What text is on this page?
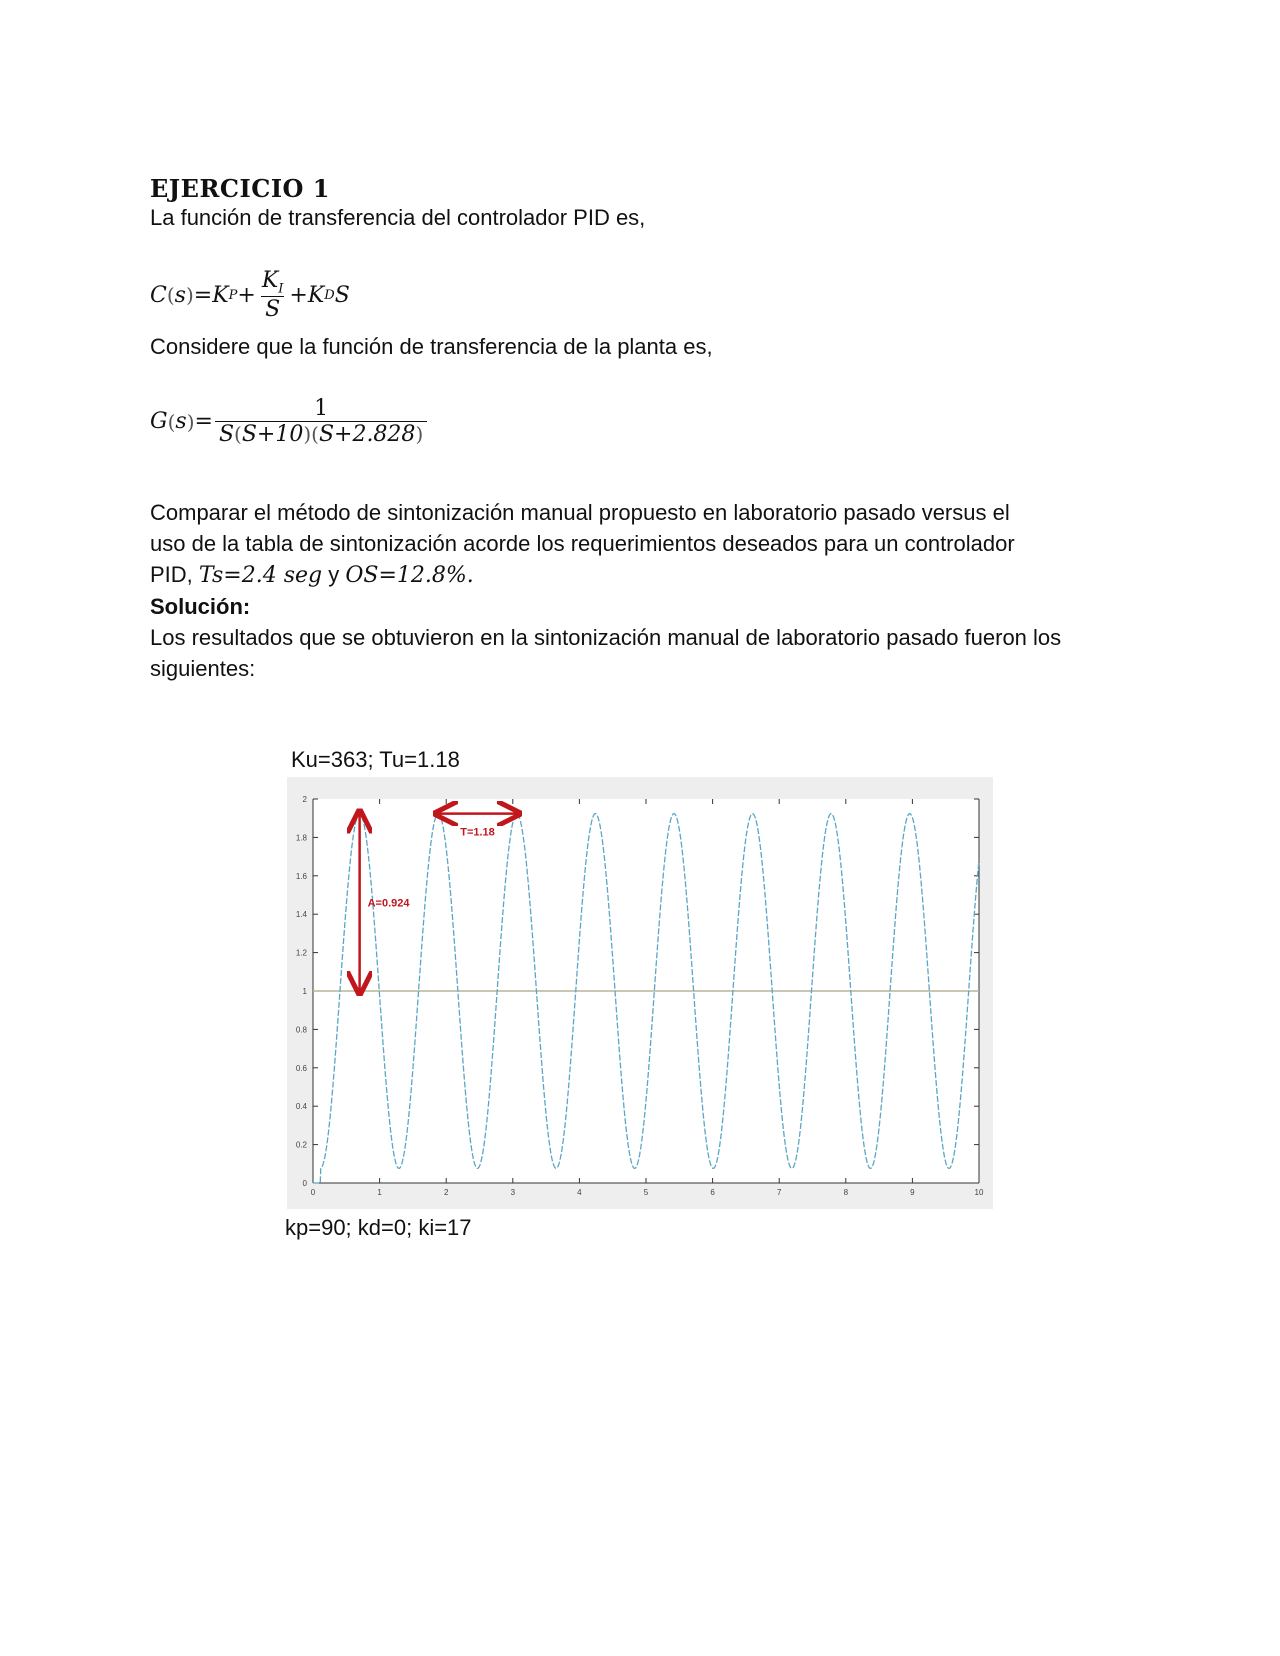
EJERCICIO 1

La función de transferencia del controlador PID es,

C ( s ) = K $P + \frac{K_I}{S} + K$ D S

Considere que la función de transferencia de la planta es,

G ( s ) = $\frac{1}{S(S+10)(S+2.828)}$

Comparar el método de sintonización manual propuesto en laboratorio pasado versus el
uso de la tabla de sintonización acorde los requerimientos deseados para un controlador
PID, Ts=2.4 seg y OS=12.8%.

Solución:

Los resultados que se obtuvieron en la sintonización manual de laboratorio pasado fueron los
siguientes:

Ku=363; Tu=1.18
0	1	2	3	4	5	6	7	8	9	10
0
0.2
0.4
0.6
0.8
1
1.2
1.4
1.6
1.8
2
T=1.18
A=0.924
kp=90; kd=0; ki=17
